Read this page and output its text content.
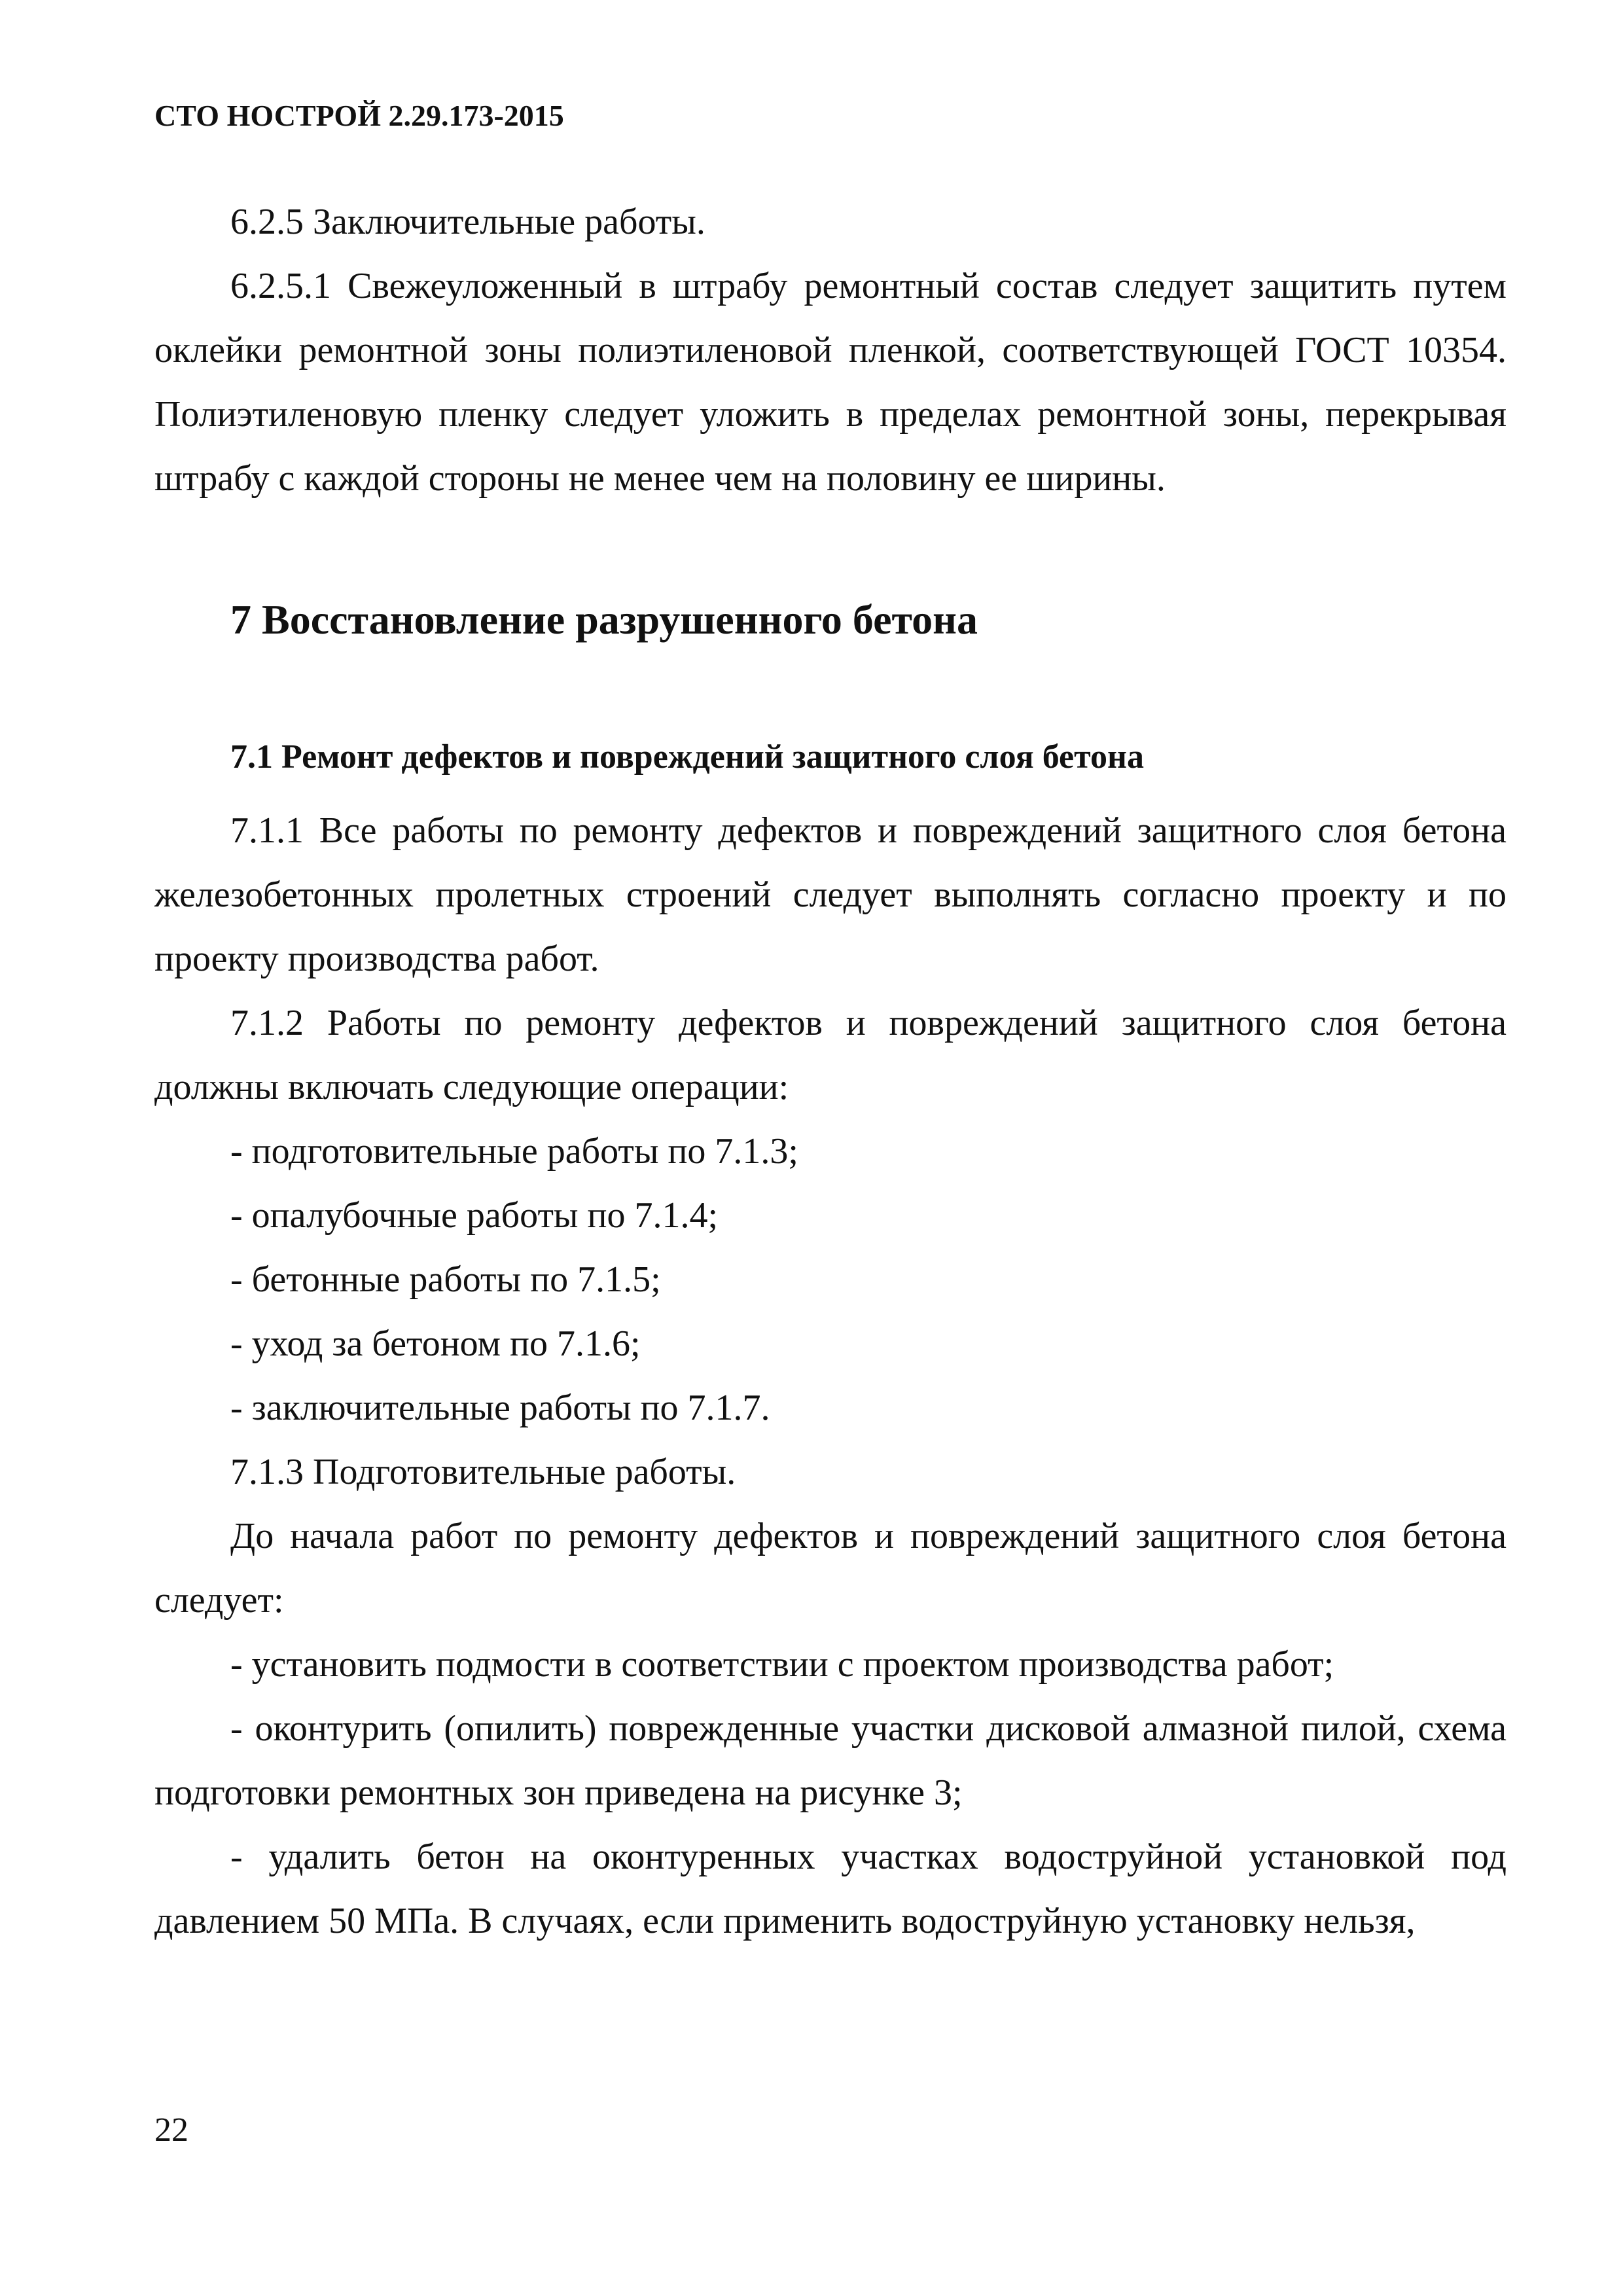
СТО НОСТРОЙ 2.29.173-2015

6.2.5 Заключительные работы.

6.2.5.1 Свежеуложенный в штрабу ремонтный состав следует защитить путем оклейки ремонтной зоны полиэтиленовой пленкой, соответствующей ГОСТ 10354. Полиэтиленовую пленку следует уложить в пределах ремонтной зоны, перекрывая штрабу с каждой стороны не менее чем на половину ее ширины.

7 Восстановление разрушенного бетона
7.1 Ремонт дефектов и повреждений защитного слоя бетона

7.1.1 Все работы по ремонту дефектов и повреждений защитного слоя бетона железобетонных пролетных строений следует выполнять согласно проекту и по проекту производства работ.

7.1.2 Работы по ремонту дефектов и повреждений защитного слоя бетона должны включать следующие операции:

- подготовительные работы по 7.1.3;

- опалубочные работы по 7.1.4;

- бетонные работы по 7.1.5;

- уход за бетоном по 7.1.6;

- заключительные работы по 7.1.7.

7.1.3 Подготовительные работы.

До начала работ по ремонту дефектов и повреждений защитного слоя бетона следует:

- установить подмости в соответствии с проектом производства работ;

- оконтурить (опилить) поврежденные участки дисковой алмазной пилой, схема подготовки ремонтных зон приведена на рисунке 3;

- удалить бетон на оконтуренных участках водоструйной установкой под давлением 50 МПа. В случаях, если применить водоструйную установку нельзя,

22
